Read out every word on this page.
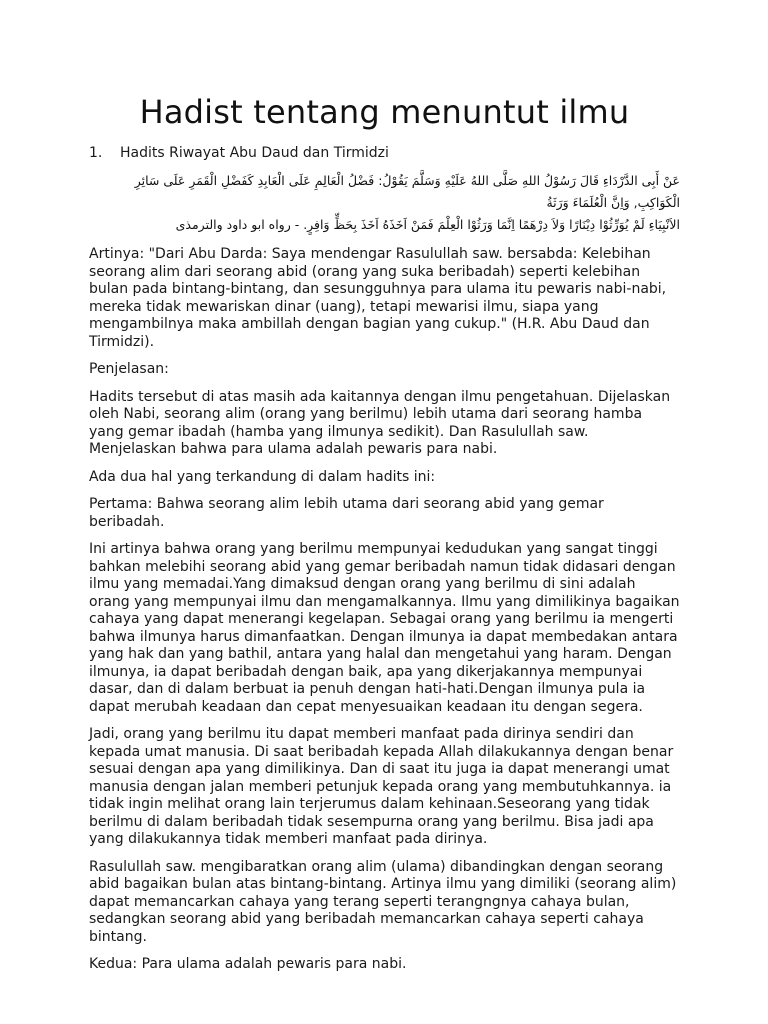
Hadist tentang menuntut ilmu
1. Hadits Riwayat Abu Daud dan Tirmidzi
عَنْ أَبِى الدَّرْدَاءِ قَالَ رَسُوْلُ اللهِ صَلَّى اللهُ عَلَيْهِ وَسَلَّمَ يَقُوْلُ: فَضْلُ الْعَالِمِ عَلَى الْعَابِدِ كَفَضْلِ الْقَمَرِ عَلَى سَائِرِ الْكَوَاكِبِ, وَاِنَّ الْعُلَمَاءَ وَرَثَةُ
الاَنْبِيَاءِ لَمْ يُوَرِّثُوْا دِيْنَارًا وَلاَ دِرْهَمًا اِنَّمَا وَرَثُوْا الْعِلْمَ فَمَنْ اَخَذَهُ اَخَذَ بِحَظٍّ وَافِرٍ. - رواه ابو داود والترمذى

Artinya: "Dari Abu Darda: Saya mendengar Rasulullah saw. bersabda: Kelebihan seorang alim dari seorang abid (orang yang suka beribadah) seperti kelebihan bulan pada bintang-bintang, dan sesungguhnya para ulama itu pewaris nabi-nabi, mereka tidak mewariskan dinar (uang), tetapi mewarisi ilmu, siapa yang mengambilnya maka ambillah dengan bagian yang cukup." (H.R. Abu Daud dan Tirmidzi).

Penjelasan:

Hadits tersebut di atas masih ada kaitannya dengan ilmu pengetahuan. Dijelaskan oleh Nabi, seorang alim (orang yang berilmu) lebih utama dari seorang hamba yang gemar ibadah (hamba yang ilmunya sedikit). Dan Rasulullah saw. Menjelaskan bahwa para ulama adalah pewaris para nabi.

Ada dua hal yang terkandung di dalam hadits ini:

Pertama: Bahwa seorang alim lebih utama dari seorang abid yang gemar beribadah.

Ini artinya bahwa orang yang berilmu mempunyai kedudukan yang sangat tinggi bahkan melebihi seorang abid yang gemar beribadah namun tidak didasari dengan ilmu yang memadai.Yang dimaksud dengan orang yang berilmu di sini adalah orang yang mempunyai ilmu dan mengamalkannya. Ilmu yang dimilikinya bagaikan cahaya yang dapat menerangi kegelapan. Sebagai orang yang berilmu ia mengerti bahwa ilmunya harus dimanfaatkan. Dengan ilmunya ia dapat membedakan antara yang hak dan yang bathil, antara yang halal dan mengetahui yang haram. Dengan ilmunya, ia dapat beribadah dengan baik, apa yang dikerjakannya mempunyai dasar, dan di dalam berbuat ia penuh dengan hati-hati.Dengan ilmunya pula ia dapat merubah keadaan dan cepat menyesuaikan keadaan itu dengan segera.

Jadi, orang yang berilmu itu dapat memberi manfaat pada dirinya sendiri dan kepada umat manusia. Di saat beribadah kepada Allah dilakukannya dengan benar sesuai dengan apa yang dimilikinya. Dan di saat itu juga ia dapat menerangi umat manusia dengan jalan memberi petunjuk kepada orang yang membutuhkannya. ia tidak ingin melihat orang lain terjerumus dalam kehinaan.Seseorang yang tidak berilmu di dalam beribadah tidak sesempurna orang yang berilmu. Bisa jadi apa yang dilakukannya tidak memberi manfaat pada dirinya.

Rasulullah saw. mengibaratkan orang alim (ulama) dibandingkan dengan seorang abid bagaikan bulan atas bintang-bintang. Artinya ilmu yang dimiliki (seorang alim) dapat memancarkan cahaya yang terang seperti terangngnya cahaya bulan, sedangkan seorang abid yang beribadah memancarkan cahaya seperti cahaya bintang.

Kedua: Para ulama adalah pewaris para nabi.
